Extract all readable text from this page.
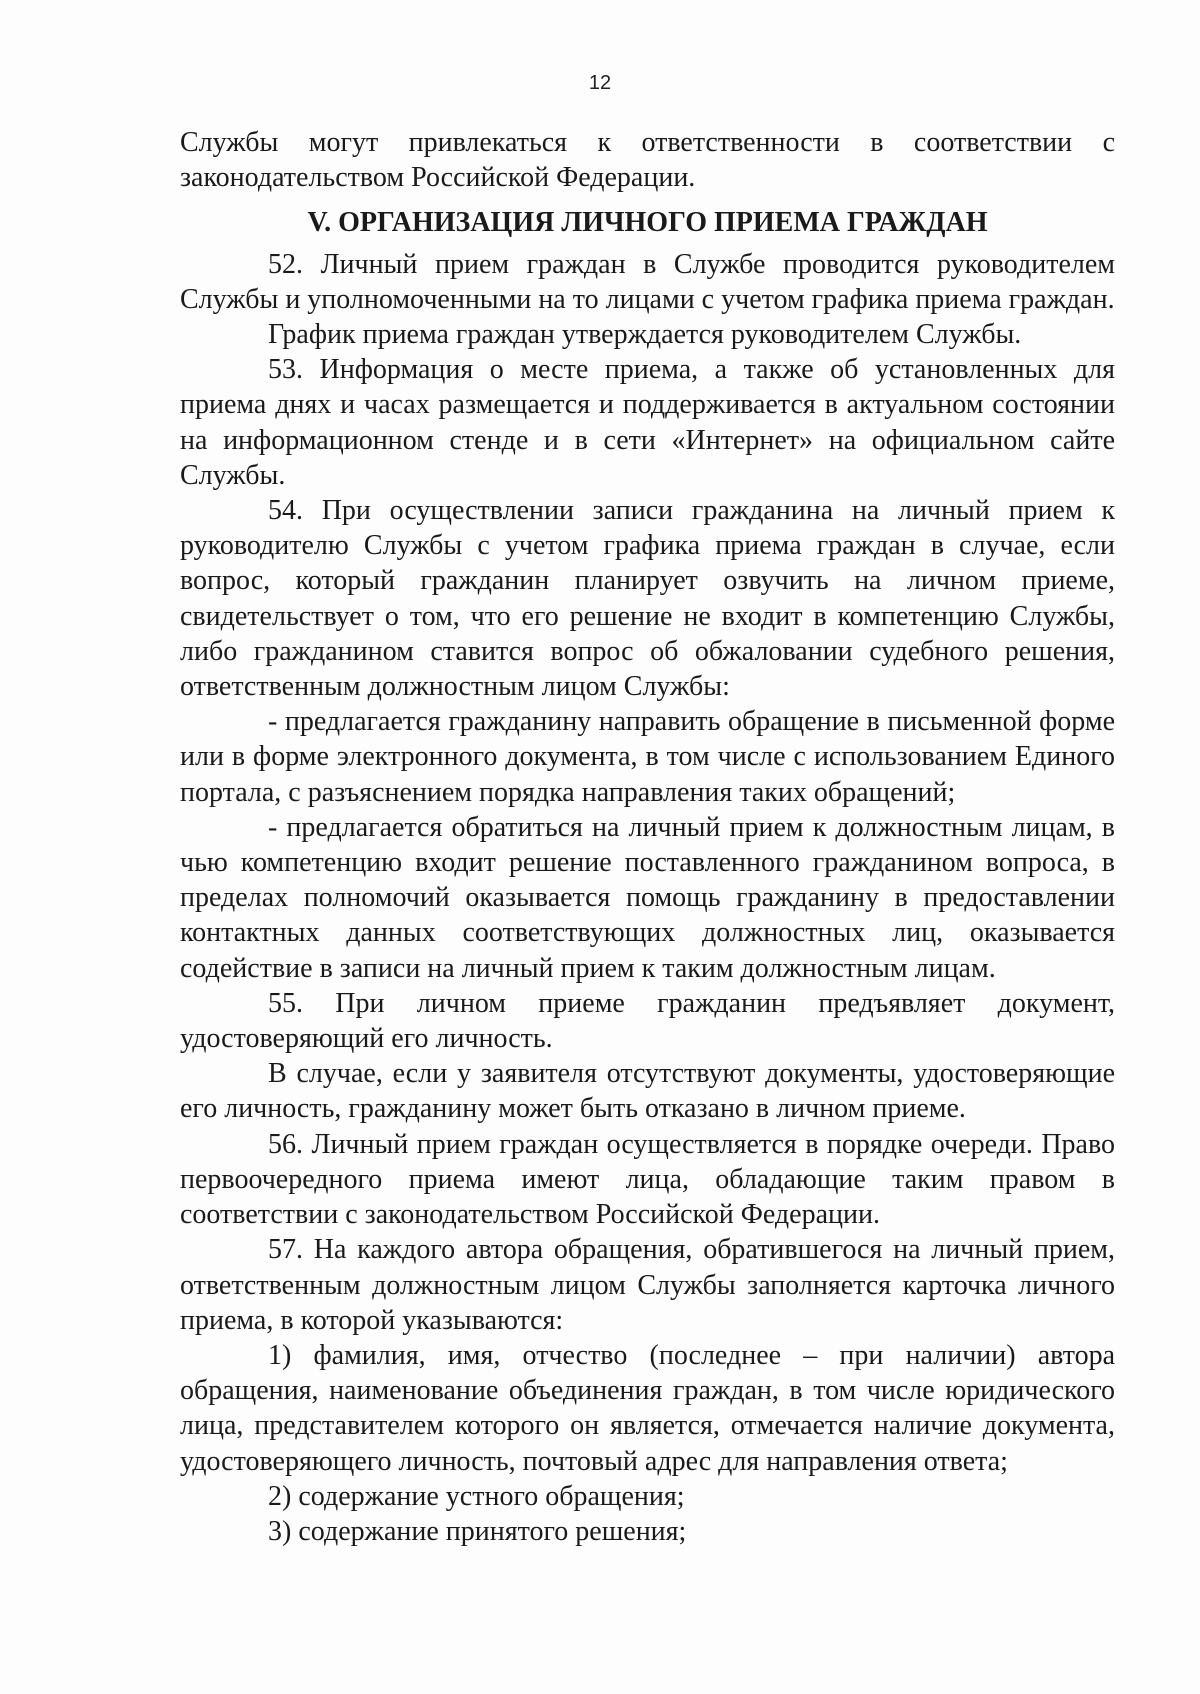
12

Службы могут привлекаться к ответственности в соответствии с законодательством Российской Федерации.

V. ОРГАНИЗАЦИЯ ЛИЧНОГО ПРИЕМА ГРАЖДАН

52. Личный прием граждан в Службе проводится руководителем Службы и уполномоченными на то лицами с учетом графика приема граждан.

График приема граждан утверждается руководителем Службы.

53. Информация о месте приема, а также об установленных для приема днях и часах размещается и поддерживается в актуальном состоянии на информационном стенде и в сети «Интернет» на официальном сайте Службы.

54. При осуществлении записи гражданина на личный прием к руководителю Службы с учетом графика приема граждан в случае, если вопрос, который гражданин планирует озвучить на личном приеме, свидетельствует о том, что его решение не входит в компетенцию Службы, либо гражданином ставится вопрос об обжаловании судебного решения, ответственным должностным лицом Службы:

- предлагается гражданину направить обращение в письменной форме или в форме электронного документа, в том числе с использованием Единого портала, с разъяснением порядка направления таких обращений;

- предлагается обратиться на личный прием к должностным лицам, в чью компетенцию входит решение поставленного гражданином вопроса, в пределах полномочий оказывается помощь гражданину в предоставлении контактных данных соответствующих должностных лиц, оказывается содействие в записи на личный прием к таким должностным лицам.

55. При личном приеме гражданин предъявляет документ, удостоверяющий его личность.

В случае, если у заявителя отсутствуют документы, удостоверяющие его личность, гражданину может быть отказано в личном приеме.

56. Личный прием граждан осуществляется в порядке очереди. Право первоочередного приема имеют лица, обладающие таким правом в соответствии с законодательством Российской Федерации.

57. На каждого автора обращения, обратившегося на личный прием, ответственным должностным лицом Службы заполняется карточка личного приема, в которой указываются:

1) фамилия, имя, отчество (последнее – при наличии) автора обращения, наименование объединения граждан, в том числе юридического лица, представителем которого он является, отмечается наличие документа, удостоверяющего личность, почтовый адрес для направления ответа;

2) содержание устного обращения;

3) содержание принятого решения;
